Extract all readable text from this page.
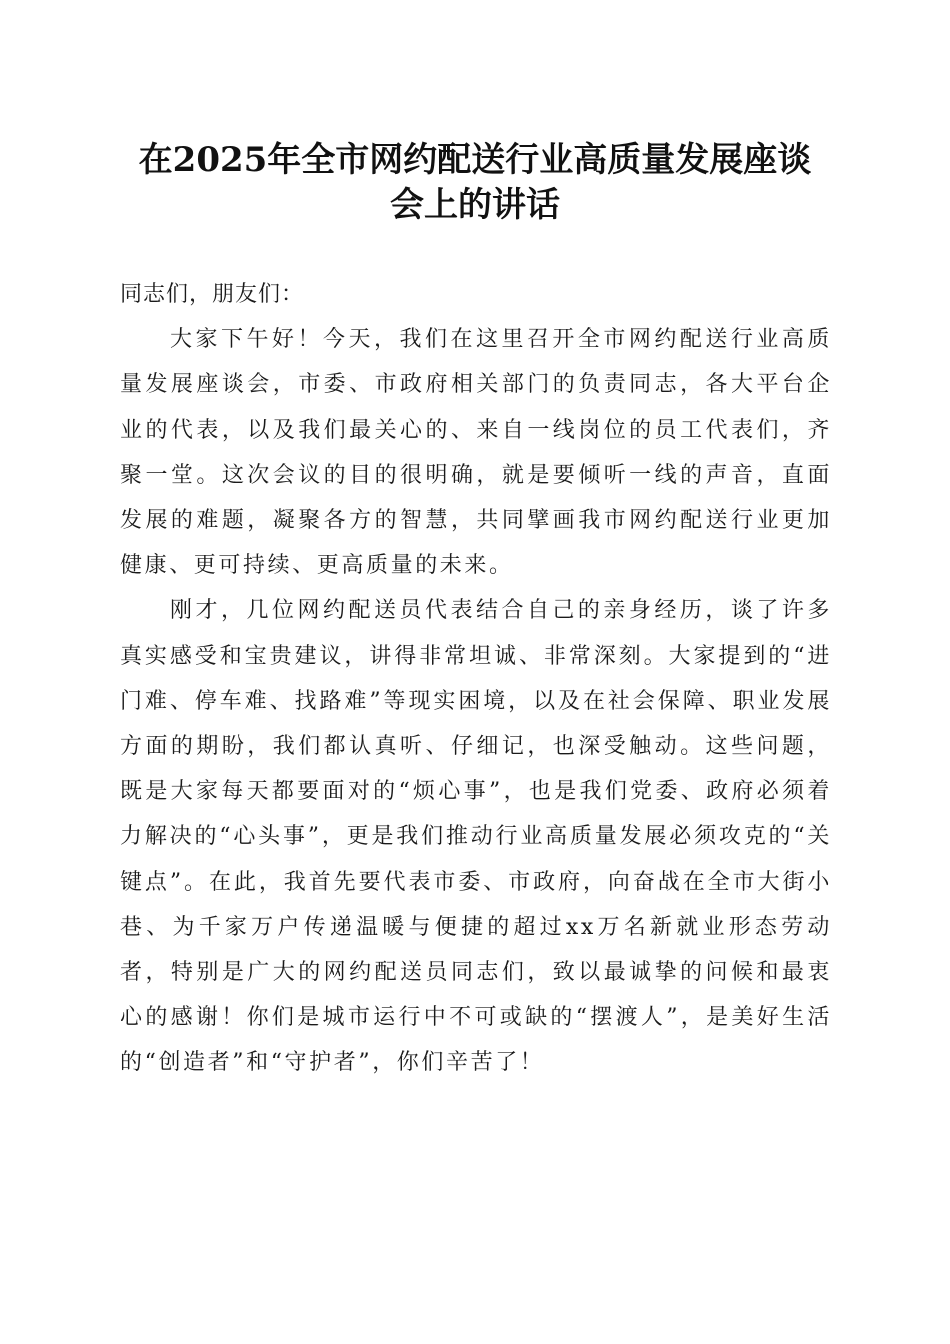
在2025年全市网约配送行业高质量发展座谈
会上的讲话

同志们，朋友们：

大家下午好！今天，我们在这里召开全市网约配送行业高质量发展座谈会，市委、市政府相关部门的负责同志，各大平台企业的代表，以及我们最关心的、来自一线岗位的员工代表们，齐聚一堂。这次会议的目的很明确，就是要倾听一线的声音，直面发展的难题，凝聚各方的智慧，共同擘画我市网约配送行业更加健康、更可持续、更高质量的未来。

刚才，几位网约配送员代表结合自己的亲身经历，谈了许多真实感受和宝贵建议，讲得非常坦诚、非常深刻。大家提到的“进门难、停车难、找路难”等现实困境，以及在社会保障、职业发展方面的期盼，我们都认真听、仔细记，也深受触动。这些问题，既是大家每天都要面对的“烦心事”，也是我们党委、政府必须着力解决的“心头事”，更是我们推动行业高质量发展必须攻克的“关键点”。在此，我首先要代表市委、市政府，向奋战在全市大街小巷、为千家万户传递温暖与便捷的超过xx万名新就业形态劳动者，特别是广大的网约配送员同志们，致以最诚挚的问候和最衷心的感谢！你们是城市运行中不可或缺的“摆渡人”，是美好生活的“创造者”和“守护者”，你们辛苦了！
